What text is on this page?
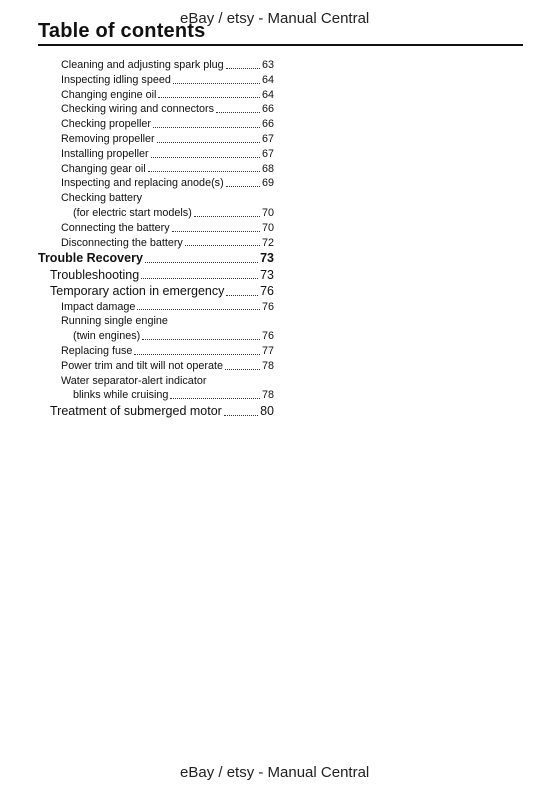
eBay / etsy - Manual Central
Table of contents
Cleaning and adjusting spark plug	63
Inspecting idling speed	64
Changing engine oil	64
Checking wiring and connectors	66
Checking propeller	66
Removing propeller	67
Installing propeller	67
Changing gear oil	68
Inspecting and replacing anode(s)	69
Checking battery
(for electric start models)	70
Connecting the battery	70
Disconnecting the battery	72
Trouble Recovery	73
Troubleshooting	73
Temporary action in emergency	76
Impact damage	76
Running single engine
(twin engines)	76
Replacing fuse	77
Power trim and tilt will not operate	78
Water separator-alert indicator
blinks while cruising	78
Treatment of submerged motor	80
eBay / etsy - Manual Central
